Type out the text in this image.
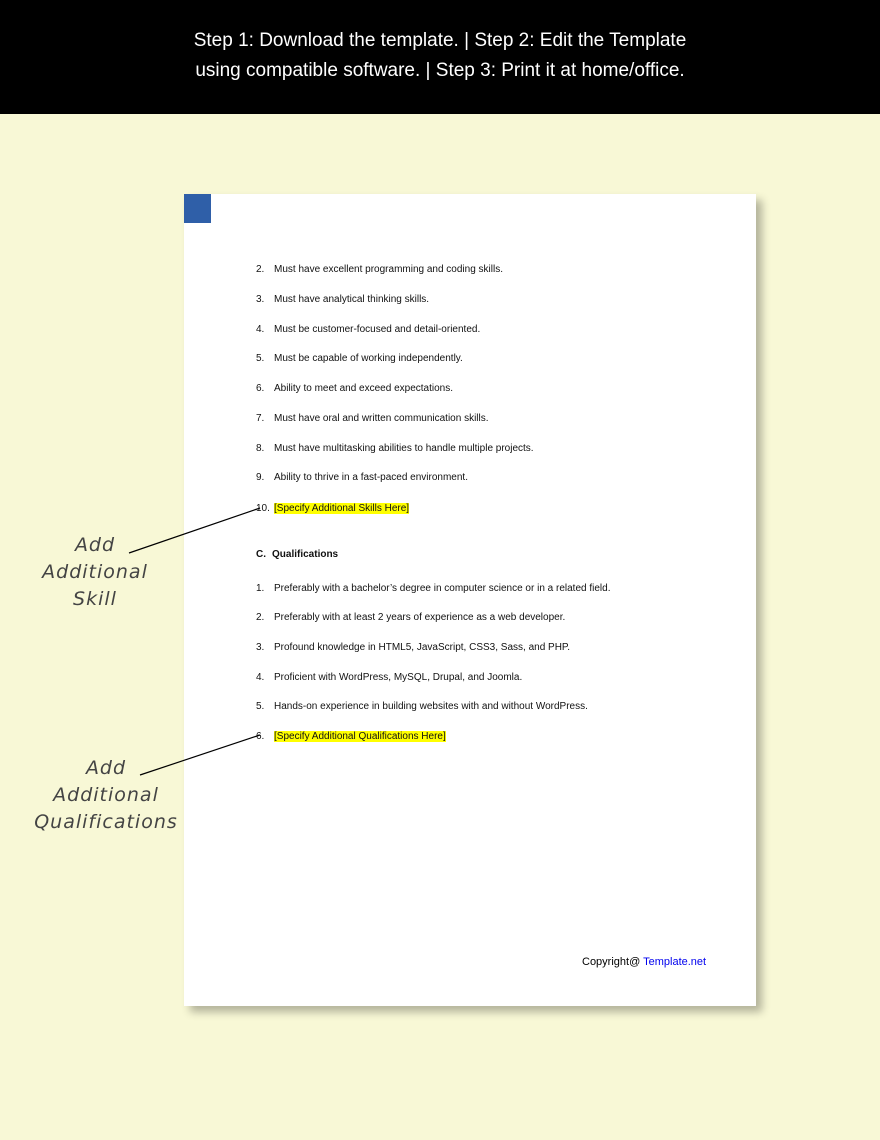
Step 1: Download the template. | Step 2: Edit the Template
using compatible software. | Step 3: Print it at home/office.
2. Must have excellent programming and coding skills.
3. Must have analytical thinking skills.
4. Must be customer-focused and detail-oriented.
5. Must be capable of working independently.
6. Ability to meet and exceed expectations.
7. Must have oral and written communication skills.
8. Must have multitasking abilities to handle multiple projects.
9. Ability to thrive in a fast-paced environment.
10. [Specify Additional Skills Here]
C. Qualifications
1. Preferably with a bachelor’s degree in computer science or in a related field.
2. Preferably with at least 2 years of experience as a web developer.
3. Profound knowledge in HTML5, JavaScript, CSS3, Sass, and PHP.
4. Proficient with WordPress, MySQL, Drupal, and Joomla.
5. Hands-on experience in building websites with and without WordPress.
6. [Specify Additional Qualifications Here]
Copyright@ Template.net
Add
Additional
Skill
Add
Additional
Qualifications
